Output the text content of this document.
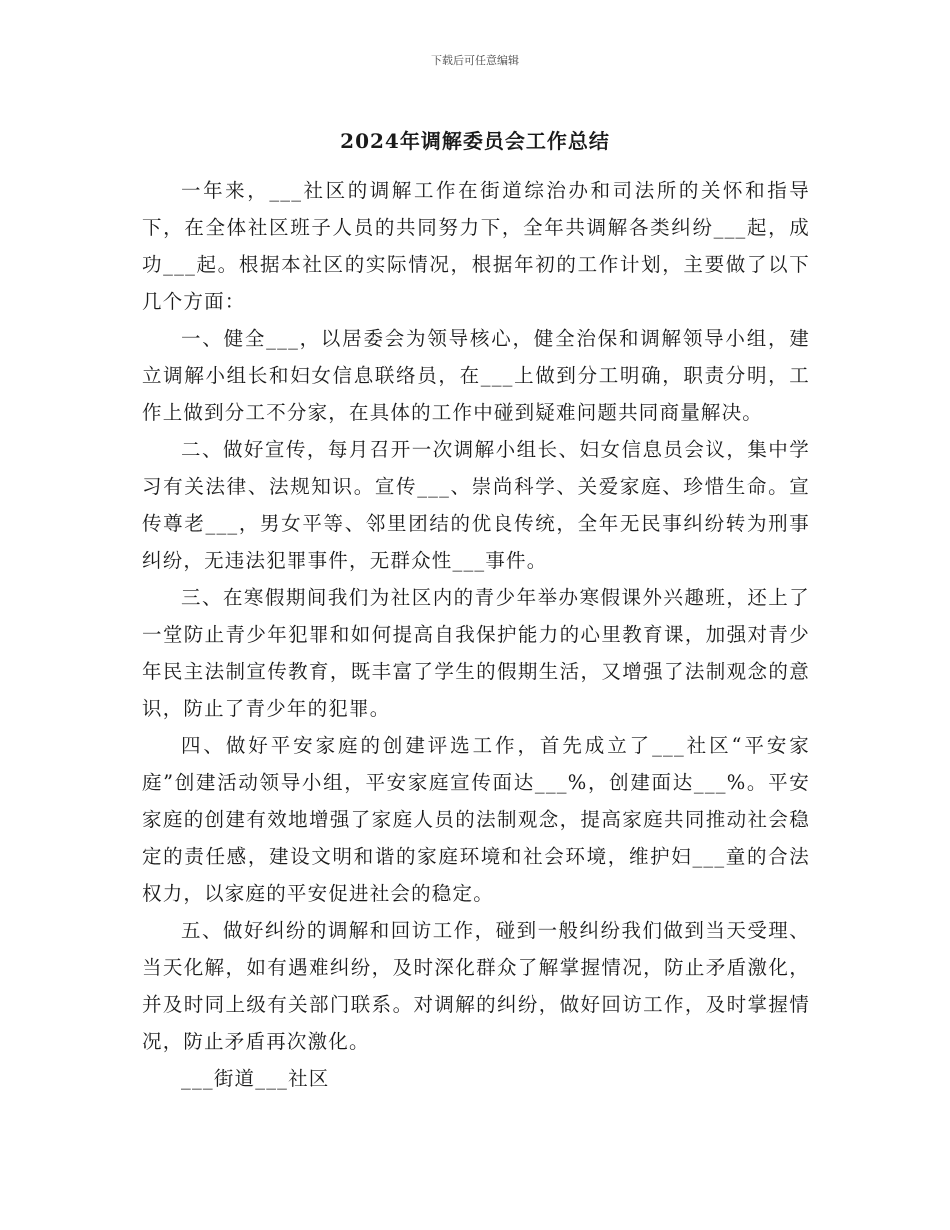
下载后可任意编辑
2024年调解委员会工作总结

一年来，___社区的调解工作在街道综治办和司法所的关怀和指导下，在全体社区班子人员的共同努力下，全年共调解各类纠纷___起，成功___起。根据本社区的实际情况，根据年初的工作计划，主要做了以下几个方面：

一、健全___，以居委会为领导核心，健全治保和调解领导小组，建立调解小组长和妇女信息联络员，在___上做到分工明确，职责分明，工作上做到分工不分家，在具体的工作中碰到疑难问题共同商量解决。

二、做好宣传，每月召开一次调解小组长、妇女信息员会议，集中学习有关法律、法规知识。宣传___、崇尚科学、关爱家庭、珍惜生命。宣传尊老___，男女平等、邻里团结的优良传统，全年无民事纠纷转为刑事纠纷，无违法犯罪事件，无群众性___事件。

三、在寒假期间我们为社区内的青少年举办寒假课外兴趣班，还上了一堂防止青少年犯罪和如何提高自我保护能力的心里教育课，加强对青少年民主法制宣传教育，既丰富了学生的假期生活，又增强了法制观念的意识，防止了青少年的犯罪。

四、做好平安家庭的创建评选工作，首先成立了___社区“平安家庭”创建活动领导小组，平安家庭宣传面达___%，创建面达___%。平安家庭的创建有效地增强了家庭人员的法制观念，提高家庭共同推动社会稳定的责任感，建设文明和谐的家庭环境和社会环境，维护妇___童的合法权力，以家庭的平安促进社会的稳定。

五、做好纠纷的调解和回访工作，碰到一般纠纷我们做到当天受理、当天化解，如有遇难纠纷，及时深化群众了解掌握情况，防止矛盾激化，并及时同上级有关部门联系。对调解的纠纷，做好回访工作，及时掌握情况，防止矛盾再次激化。

___街道___社区
